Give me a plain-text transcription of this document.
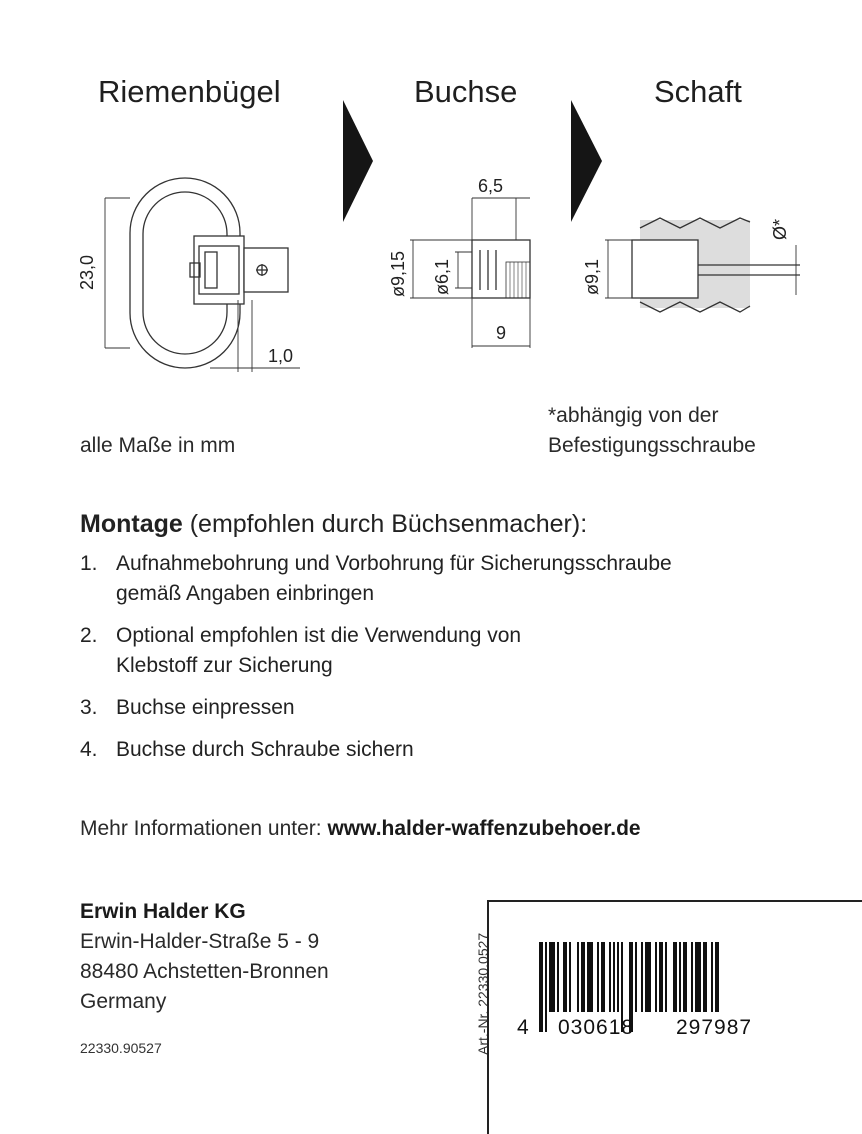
Riemenbügel	Buchse	Schaft
23,0
1,0
6,5
9
ø9,15 ø6,1	ø9,1
Ø*
*abhängig von der
Befestigungsschraube
alle Maße in mm
Montage (empfohlen durch Büchsenmacher):
1. Aufnahmebohrung und Vorbohrung für Sicherungsschraube
gemäß Angaben einbringen
2. Optional empfohlen ist die Verwendung von
Klebstoff zur Sicherung
3. Buchse einpressen
4. Buchse durch Schraube sichern
Mehr Informationen unter: www.halder-waffenzubehoer.de
Erwin Halder KG
Erwin-Halder-Straße 5 - 9
88480 Achstetten-Bronnen
Germany
22330.90527	Art.-Nr. 22330.0527 4 030618 297987
